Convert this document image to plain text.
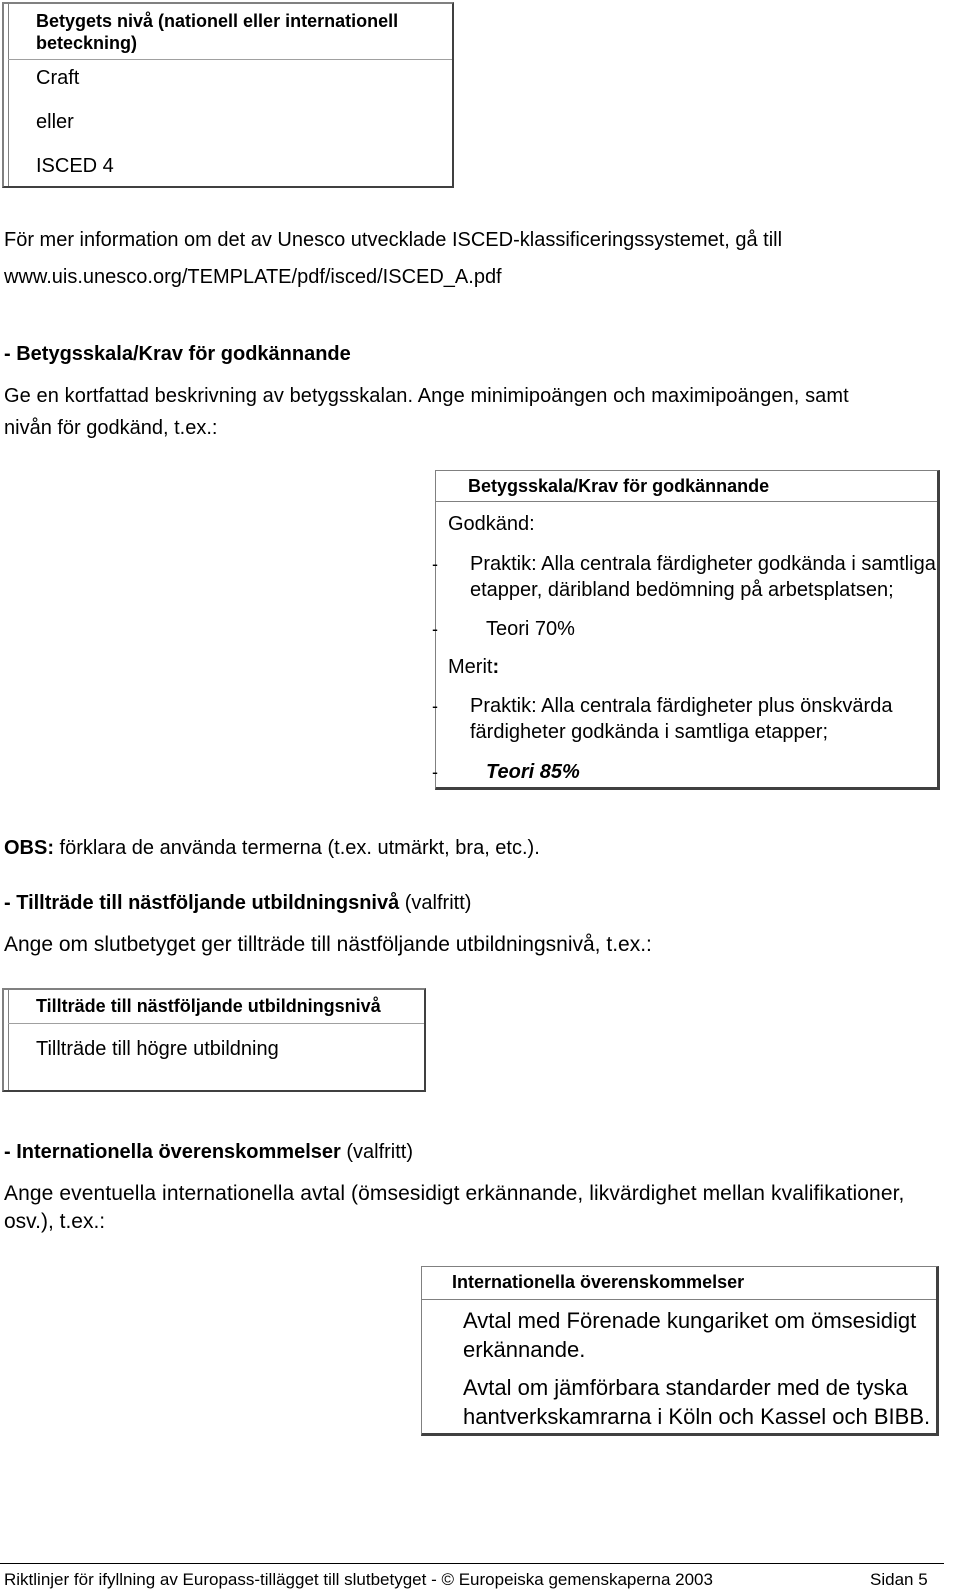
Betygets nivå (nationell eller internationell beteckning)
Craft
eller
ISCED 4
För mer information om det av Unesco utvecklade ISCED-klassificeringssystemet, gå till
www.uis.unesco.org/TEMPLATE/pdf/isced/ISCED_A.pdf
- Betygsskala/Krav för godkännande
Ge en kortfattad beskrivning av betygsskalan. Ange minimipoängen och maximipoängen, samt
nivån för godkänd, t.ex.:
Betygsskala/Krav för godkännande
Godkänd:
- Praktik: Alla centrala färdigheter godkända i samtliga
etapper, däribland bedömning på arbetsplatsen;
- Teori 70%
Merit:
- Praktik: Alla centrala färdigheter plus önskvärda
färdigheter godkända i samtliga etapper;
- Teori 85%
OBS: förklara de använda termerna (t.ex. utmärkt, bra, etc.).
- Tillträde till nästföljande utbildningsnivå (valfritt)
Ange om slutbetyget ger tillträde till nästföljande utbildningsnivå, t.ex.:
Tillträde till nästföljande utbildningsnivå
Tillträde till högre utbildning
- Internationella överenskommelser (valfritt)
Ange eventuella internationella avtal (ömsesidigt erkännande, likvärdighet mellan kvalifikationer,
osv.), t.ex.:
Internationella överenskommelser
Avtal med Förenade kungariket om ömsesidigt
erkännande.
Avtal om jämförbara standarder med de tyska
hantverkskamrarna i Köln och Kassel och BIBB.
Riktlinjer för ifyllning av Europass-tillägget till slutbetyget - © Europeiska gemenskaperna 2003	Sidan 5
